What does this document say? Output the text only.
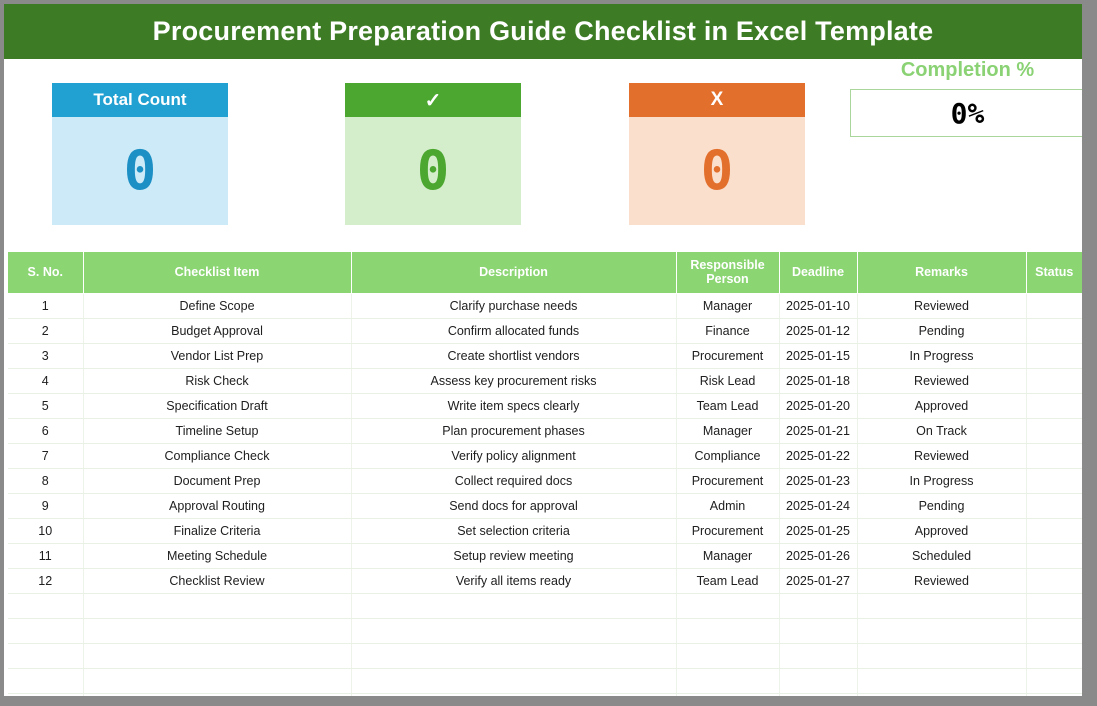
Procurement Preparation Guide Checklist in Excel Template
Total Count
0
✓
0
X
0
Completion %
0%
S. No.	Checklist Item	Description	Responsible Person	Deadline	Remarks	Status
1	Define Scope	Clarify purchase needs	Manager	2025-01-10	Reviewed	
2	Budget Approval	Confirm allocated funds	Finance	2025-01-12	Pending	
3	Vendor List Prep	Create shortlist vendors	Procurement	2025-01-15	In Progress	
4	Risk Check	Assess key procurement risks	Risk Lead	2025-01-18	Reviewed	
5	Specification Draft	Write item specs clearly	Team Lead	2025-01-20	Approved	
6	Timeline Setup	Plan procurement phases	Manager	2025-01-21	On Track	
7	Compliance Check	Verify policy alignment	Compliance	2025-01-22	Reviewed	
8	Document Prep	Collect required docs	Procurement	2025-01-23	In Progress	
9	Approval Routing	Send docs for approval	Admin	2025-01-24	Pending	
10	Finalize Criteria	Set selection criteria	Procurement	2025-01-25	Approved	
11	Meeting Schedule	Setup review meeting	Manager	2025-01-26	Scheduled	
12	Checklist Review	Verify all items ready	Team Lead	2025-01-27	Reviewed	
